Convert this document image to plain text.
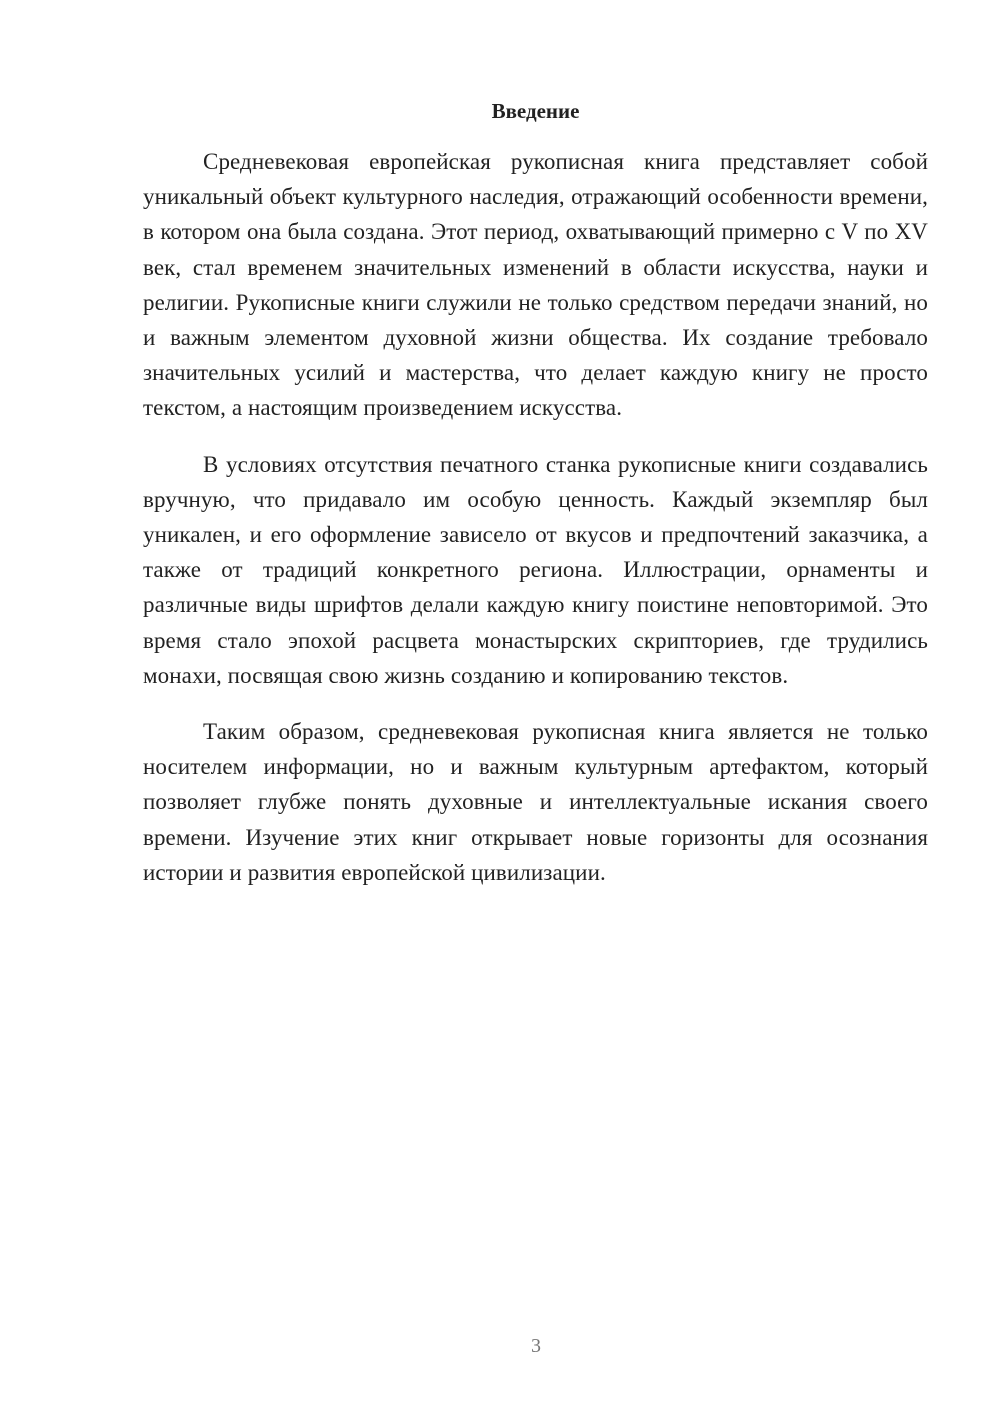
Введение

Средневековая европейская рукописная книга представляет собой уникальный объект культурного наследия, отражающий особенности времени, в котором она была создана. Этот период, охватывающий примерно с V по XV век, стал временем значительных изменений в области искусства, науки и религии. Рукописные книги служили не только средством передачи знаний, но и важным элементом духовной жизни общества. Их создание требовало значительных усилий и мастерства, что делает каждую книгу не просто текстом, а настоящим произведением искусства.

В условиях отсутствия печатного станка рукописные книги создавались вручную, что придавало им особую ценность. Каждый экземпляр был уникален, и его оформление зависело от вкусов и предпочтений заказчика, а также от традиций конкретного региона. Иллюстрации, орнаменты и различные виды шрифтов делали каждую книгу поистине неповторимой. Это время стало эпохой расцвета монастырских скрипториев, где трудились монахи, посвящая свою жизнь созданию и копированию текстов.

Таким образом, средневековая рукописная книга является не только носителем информации, но и важным культурным артефактом, который позволяет глубже понять духовные и интеллектуальные искания своего времени. Изучение этих книг открывает новые горизонты для осознания истории и развития европейской цивилизации.

3
